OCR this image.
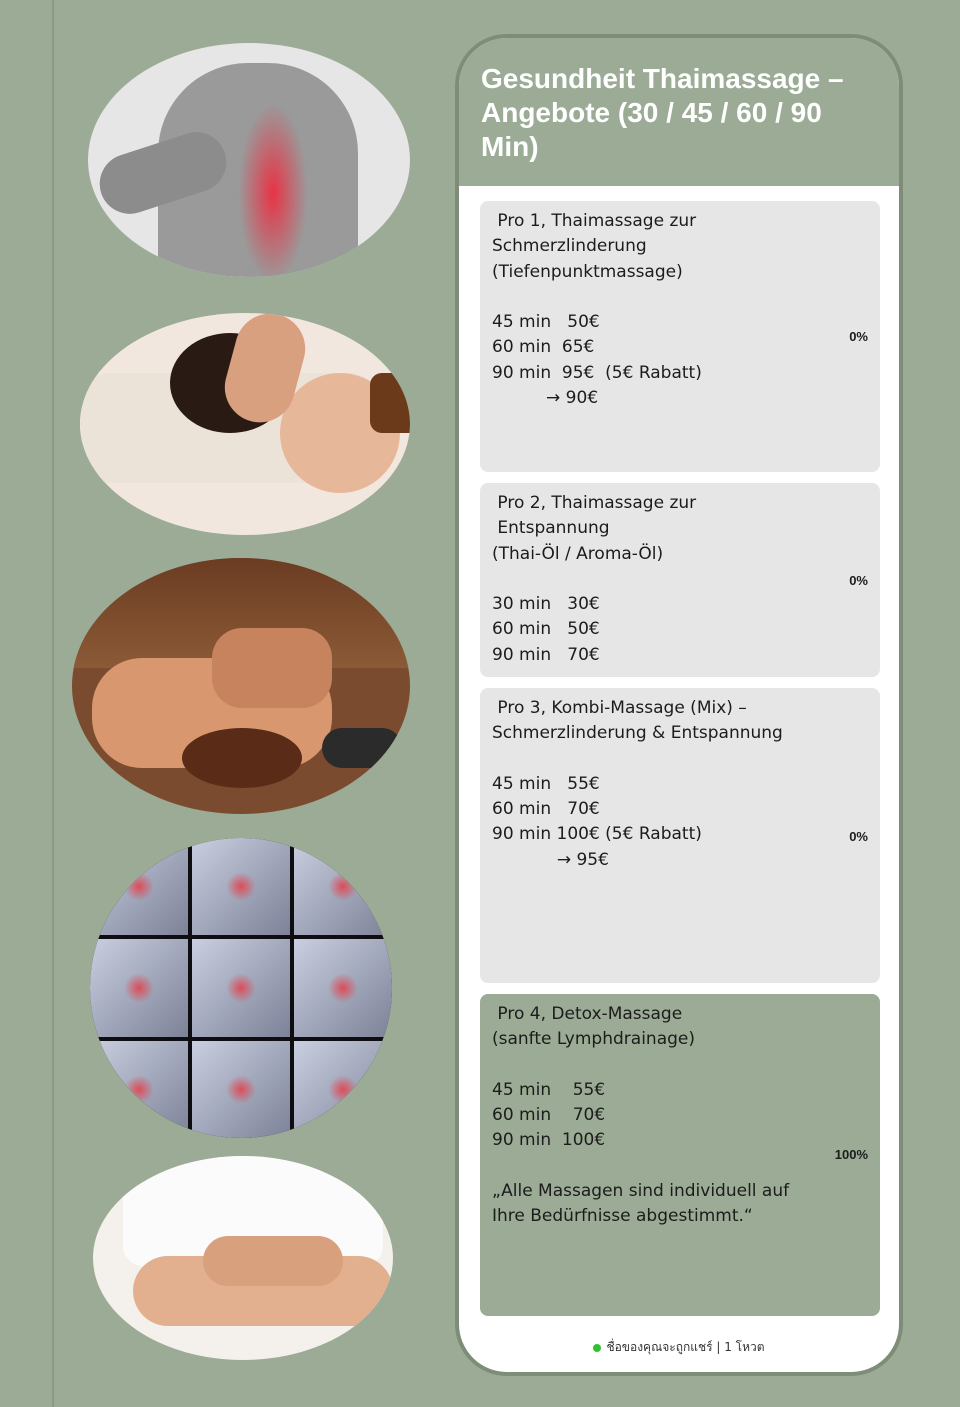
Gesundheit Thaimassage – Angebote (30 / 45 / 60 / 90 Min)

Pro 1, Thaimassage zur
Schmerzlinderung
(Tiefenpunktmassage)

45 min   50€
60 min  65€
90 min  95€  (5€ Rabatt)
→ 90€

0%

Pro 2, Thaimassage zur
Entspannung
(Thai-Öl / Aroma-Öl)

30 min   30€
60 min   50€
90 min   70€

0%

Pro 3, Kombi-Massage (Mix) –
Schmerzlinderung & Entspannung

45 min   55€
60 min   70€
90 min 100€ (5€ Rabatt)
→ 95€

0%

Pro 4, Detox-Massage
(sanfte Lymphdrainage)

45 min    55€
60 min    70€
90 min  100€

„Alle Massagen sind individuell auf
Ihre Bedürfnisse abgestimmt.“

100%
ชื่อของคุณจะถูกแชร์ | 1 โหวต
